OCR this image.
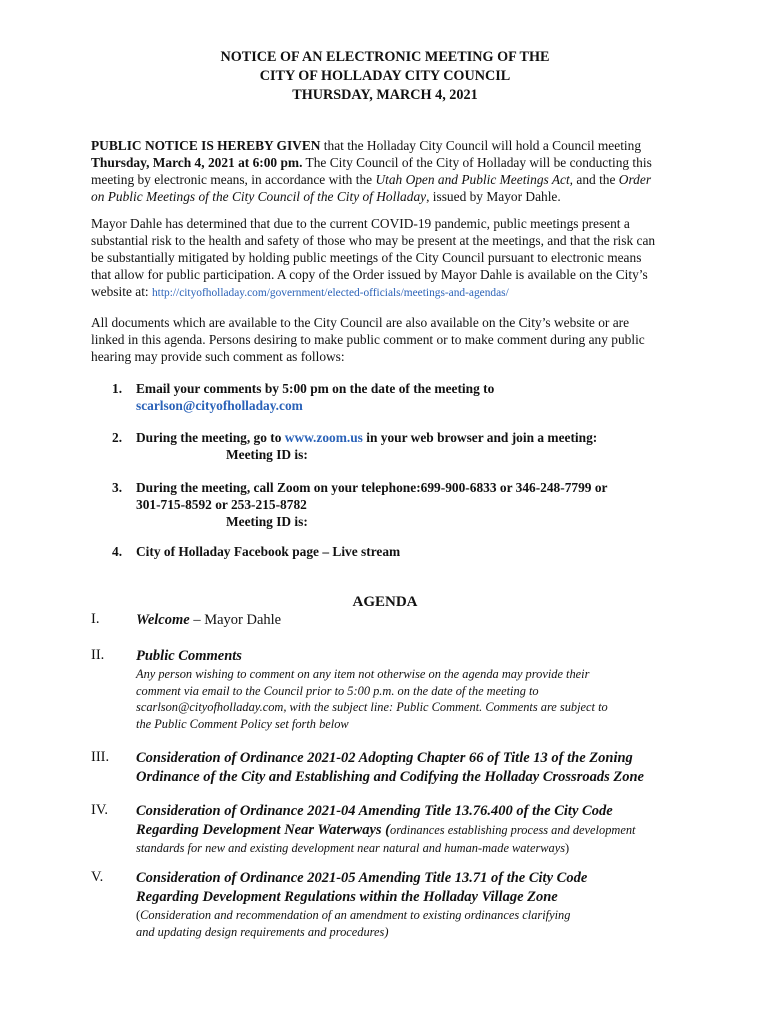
NOTICE OF AN ELECTRONIC MEETING OF THE
CITY OF HOLLADAY CITY COUNCIL
THURSDAY, MARCH 4, 2021
PUBLIC NOTICE IS HEREBY GIVEN that the Holladay City Council will hold a Council meeting
Thursday, March 4, 2021 at 6:00 pm. The City Council of the City of Holladay will be conducting this
meeting by electronic means, in accordance with the Utah Open and Public Meetings Act, and the Order
on Public Meetings of the City Council of the City of Holladay, issued by Mayor Dahle.
Mayor Dahle has determined that due to the current COVID-19 pandemic, public meetings present a
substantial risk to the health and safety of those who may be present at the meetings, and that the risk can
be substantially mitigated by holding public meetings of the City Council pursuant to electronic means
that allow for public participation. A copy of the Order issued by Mayor Dahle is available on the City’s
website at: http://cityofholladay.com/government/elected-officials/meetings-and-agendas/
All documents which are available to the City Council are also available on the City’s website or are
linked in this agenda. Persons desiring to make public comment or to make comment during any public
hearing may provide such comment as follows:
1.	Email your comments by 5:00 pm on the date of the meeting to
scarlson@cityofholladay.com
2.	During the meeting, go to www.zoom.us in your web browser and join a meeting:
Meeting ID is:
3.	During the meeting, call Zoom on your telephone:699-900-6833 or 346-248-7799 or
301-715-8592 or 253-215-8782
Meeting ID is:
4.	City of Holladay Facebook page – Live stream
AGENDA
I.	Welcome – Mayor Dahle
II. Public Comments
Any person wishing to comment on any item not otherwise on the agenda may provide their
comment via email to the Council prior to 5:00 p.m. on the date of the meeting to
scarlson@cityofholladay.com, with the subject line: Public Comment. Comments are subject to
the Public Comment Policy set forth below
III. Consideration of Ordinance 2021-02 Adopting Chapter 66 of Title 13 of the Zoning
Ordinance of the City and Establishing and Codifying the Holladay Crossroads Zone
IV. Consideration of Ordinance 2021-04 Amending Title 13.76.400 of the City Code
Regarding Development Near Waterways (ordinances establishing process and development
standards for new and existing development near natural and human-made waterways)
V. Consideration of Ordinance 2021-05 Amending Title 13.71 of the City Code
Regarding Development Regulations within the Holladay Village Zone
(Consideration and recommendation of an amendment to existing ordinances clarifying
and updating design requirements and procedures)
